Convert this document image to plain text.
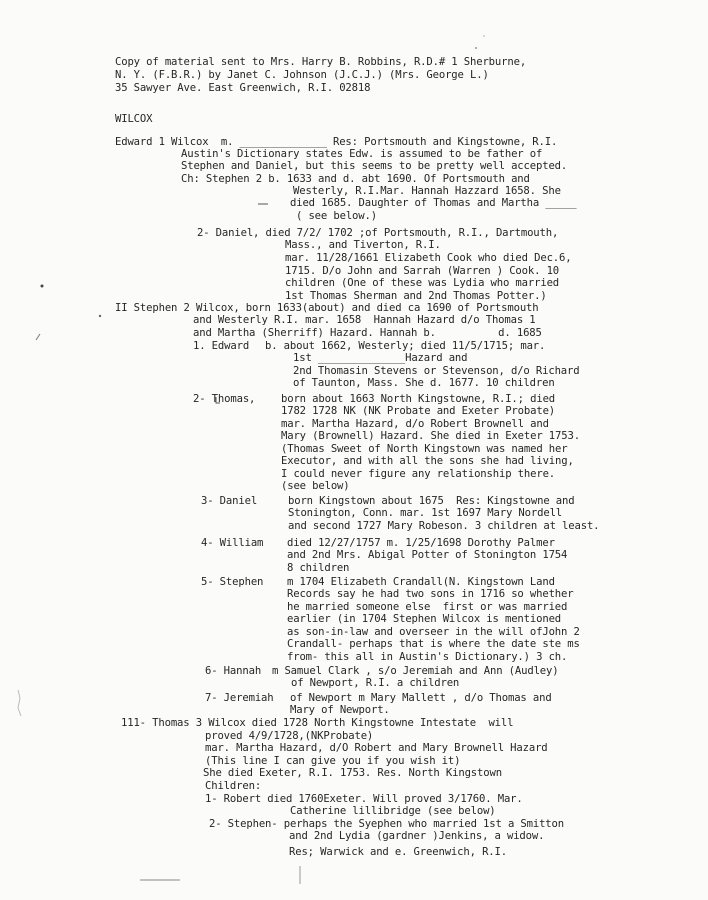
Copy of material sent to Mrs. Harry B. Robbins, R.D.# 1 Sherburne,
N. Y. (F.B.R.) by Janet C. Johnson (J.C.J.) (Mrs. George L.)
35 Sawyer Ave. East Greenwich, R.I. 02818
WILCOX
Edward 1 Wilcox  m. ______________ Res: Portsmouth and Kingstowne, R.I.
Austin's Dictionary states Edw. is assumed to be father of
Stephen and Daniel, but this seems to be pretty well accepted.
Ch: Stephen 2 b. 1633 and d. abt 1690. Of Portsmouth and
Westerly, R.I.Mar. Hannah Hazzard 1658. She
died 1685. Daughter of Thomas and Martha _____
( see below.)
2- Daniel, died 7/2/ 1702 ;of Portsmouth, R.I., Dartmouth,
Mass., and Tiverton, R.I.
mar. 11/28/1661 Elizabeth Cook who died Dec.6,
1715. D/o John and Sarrah (Warren ) Cook. 10
children (One of these was Lydia who married
1st Thomas Sherman and 2nd Thomas Potter.)
II Stephen 2 Wilcox, born 1633(about) and died ca 1690 of Portsmouth
and Westerly R.I. mar. 1658  Hannah Hazard d/o Thomas 1
and Martha (Sherriff) Hazard. Hannah b.          d. 1685
1. Edward b. about 1662, Westerly; died 11/5/1715; mar.
1st ______________Hazard and
2nd Thomasin Stevens or Stevenson, d/o Richard
of Taunton, Mass. She d. 1677. 10 children
2- Thomas, born about 1663 North Kingstowne, R.I.; died
1782 1728 NK (NK Probate and Exeter Probate)
mar. Martha Hazard, d/o Robert Brownell and
Mary (Brownell) Hazard. She died in Exeter 1753.
(Thomas Sweet of North Kingstown was named her
Executor, and with all the sons she had living,
I could never figure any relationship there.
(see below)
3- Daniel	born Kingstown about 1675  Res: Kingstowne and
Stonington, Conn. mar. 1st 1697 Mary Nordell
and second 1727 Mary Robeson. 3 children at least.
4- William died 12/27/1757 m. 1/25/1698 Dorothy Palmer
and 2nd Mrs. Abigal Potter of Stonington 1754
8 children
5- Stephen m 1704 Elizabeth Crandall(N. Kingstown Land
Records say he had two sons in 1716 so whether
he married someone else  first or was married
earlier (in 1704 Stephen Wilcox is mentioned
as son-in-law and overseer in the will ofJohn 2
Crandall- perhaps that is where the date ste ms
from- this all in Austin's Dictionary.) 3 ch.
6- Hannah m Samuel Clark , s/o Jeremiah and Ann (Audley)
of Newport, R.I. a children
7- Jeremiah of Newport m Mary Mallett , d/o Thomas and
Mary of Newport.
111- Thomas 3 Wilcox died 1728 North Kingstowne Intestate  will
proved 4/9/1728,(NKProbate)
mar. Martha Hazard, d/O Robert and Mary Brownell Hazard
(This line I can give you if you wish it)
She died Exeter, R.I. 1753. Res. North Kingstown
Children:
1- Robert died 1760Exeter. Will proved 3/1760. Mar.
Catherine lillibridge (see below)
2- Stephen- perhaps the Syephen who married 1st a Smitton
and 2nd Lydia (gardner )Jenkins, a widow.
Res; Warwick and e. Greenwich, R.I.
